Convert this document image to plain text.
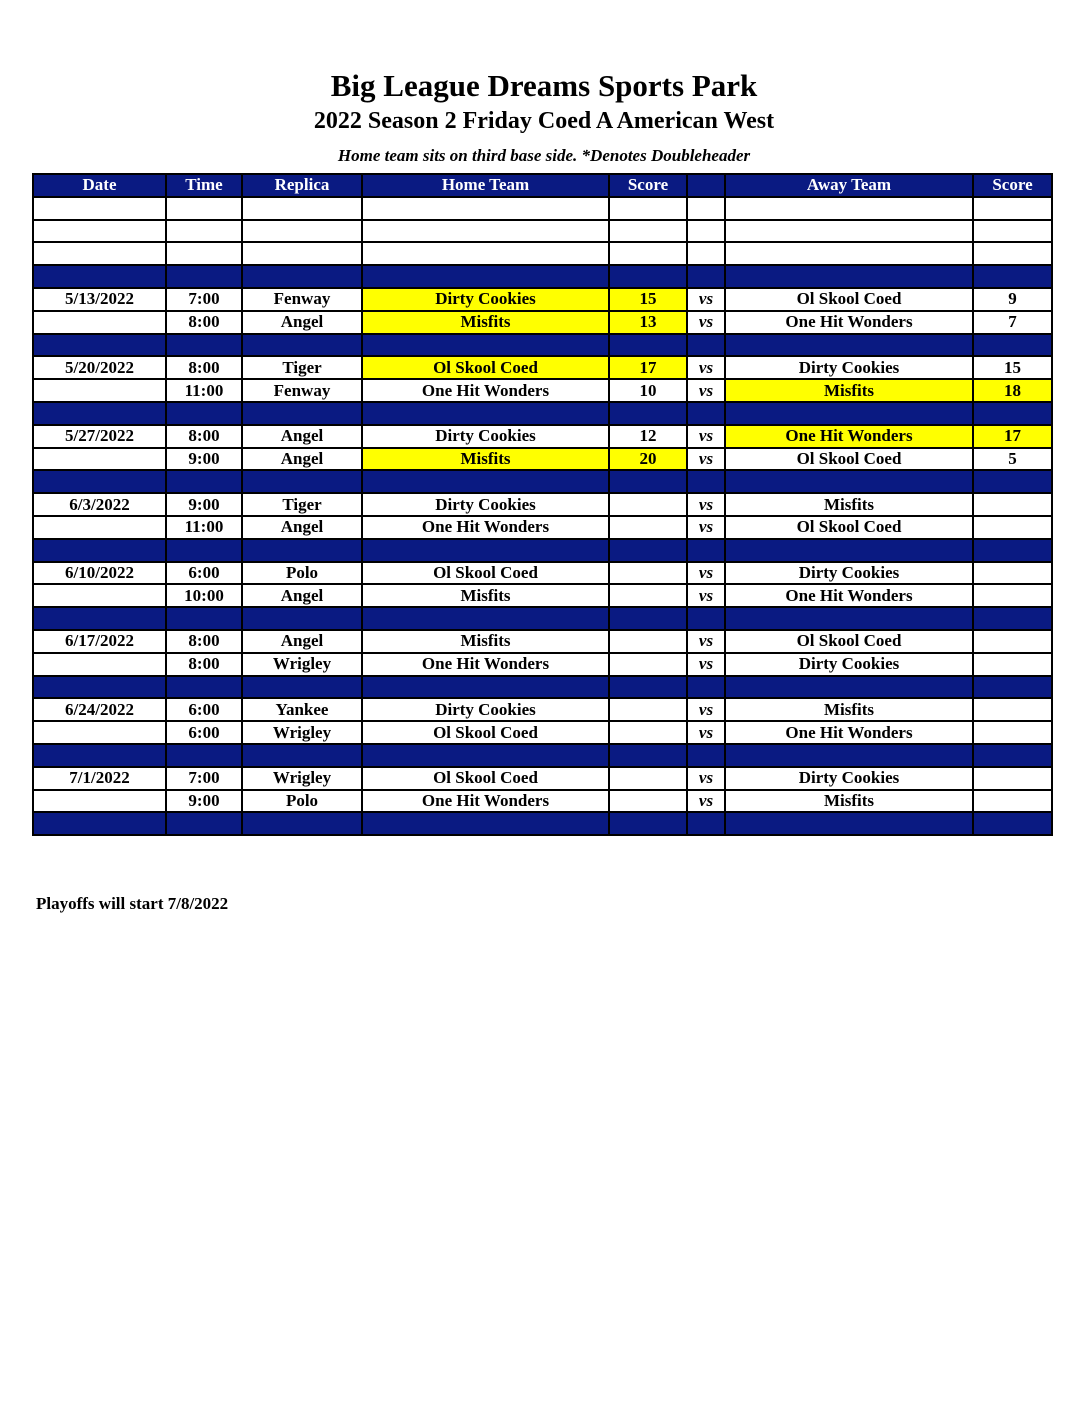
Big League Dreams Sports Park
2022 Season 2 Friday Coed A American West
Home team sits on third base side. *Denotes Doubleheader
Date	Time	Replica	Home Team	Score		Away Team	Score

5/13/2022	7:00	Fenway	Dirty Cookies	15	vs	Ol Skool Coed	9
	8:00	Angel	Misfits	13	vs	One Hit Wonders	7

5/20/2022	8:00	Tiger	Ol Skool Coed	17	vs	Dirty Cookies	15
	11:00	Fenway	One Hit Wonders	10	vs	Misfits	18

5/27/2022	8:00	Angel	Dirty Cookies	12	vs	One Hit Wonders	17
	9:00	Angel	Misfits	20	vs	Ol Skool Coed	5

6/3/2022	9:00	Tiger	Dirty Cookies		vs	Misfits	
	11:00	Angel	One Hit Wonders		vs	Ol Skool Coed	

6/10/2022	6:00	Polo	Ol Skool Coed		vs	Dirty Cookies	
	10:00	Angel	Misfits		vs	One Hit Wonders	

6/17/2022	8:00	Angel	Misfits		vs	Ol Skool Coed	
	8:00	Wrigley	One Hit Wonders		vs	Dirty Cookies	

6/24/2022	6:00	Yankee	Dirty Cookies		vs	Misfits	
	6:00	Wrigley	Ol Skool Coed		vs	One Hit Wonders	

7/1/2022	7:00	Wrigley	Ol Skool Coed		vs	Dirty Cookies	
	9:00	Polo	One Hit Wonders		vs	Misfits	

Playoffs will start 7/8/2022
